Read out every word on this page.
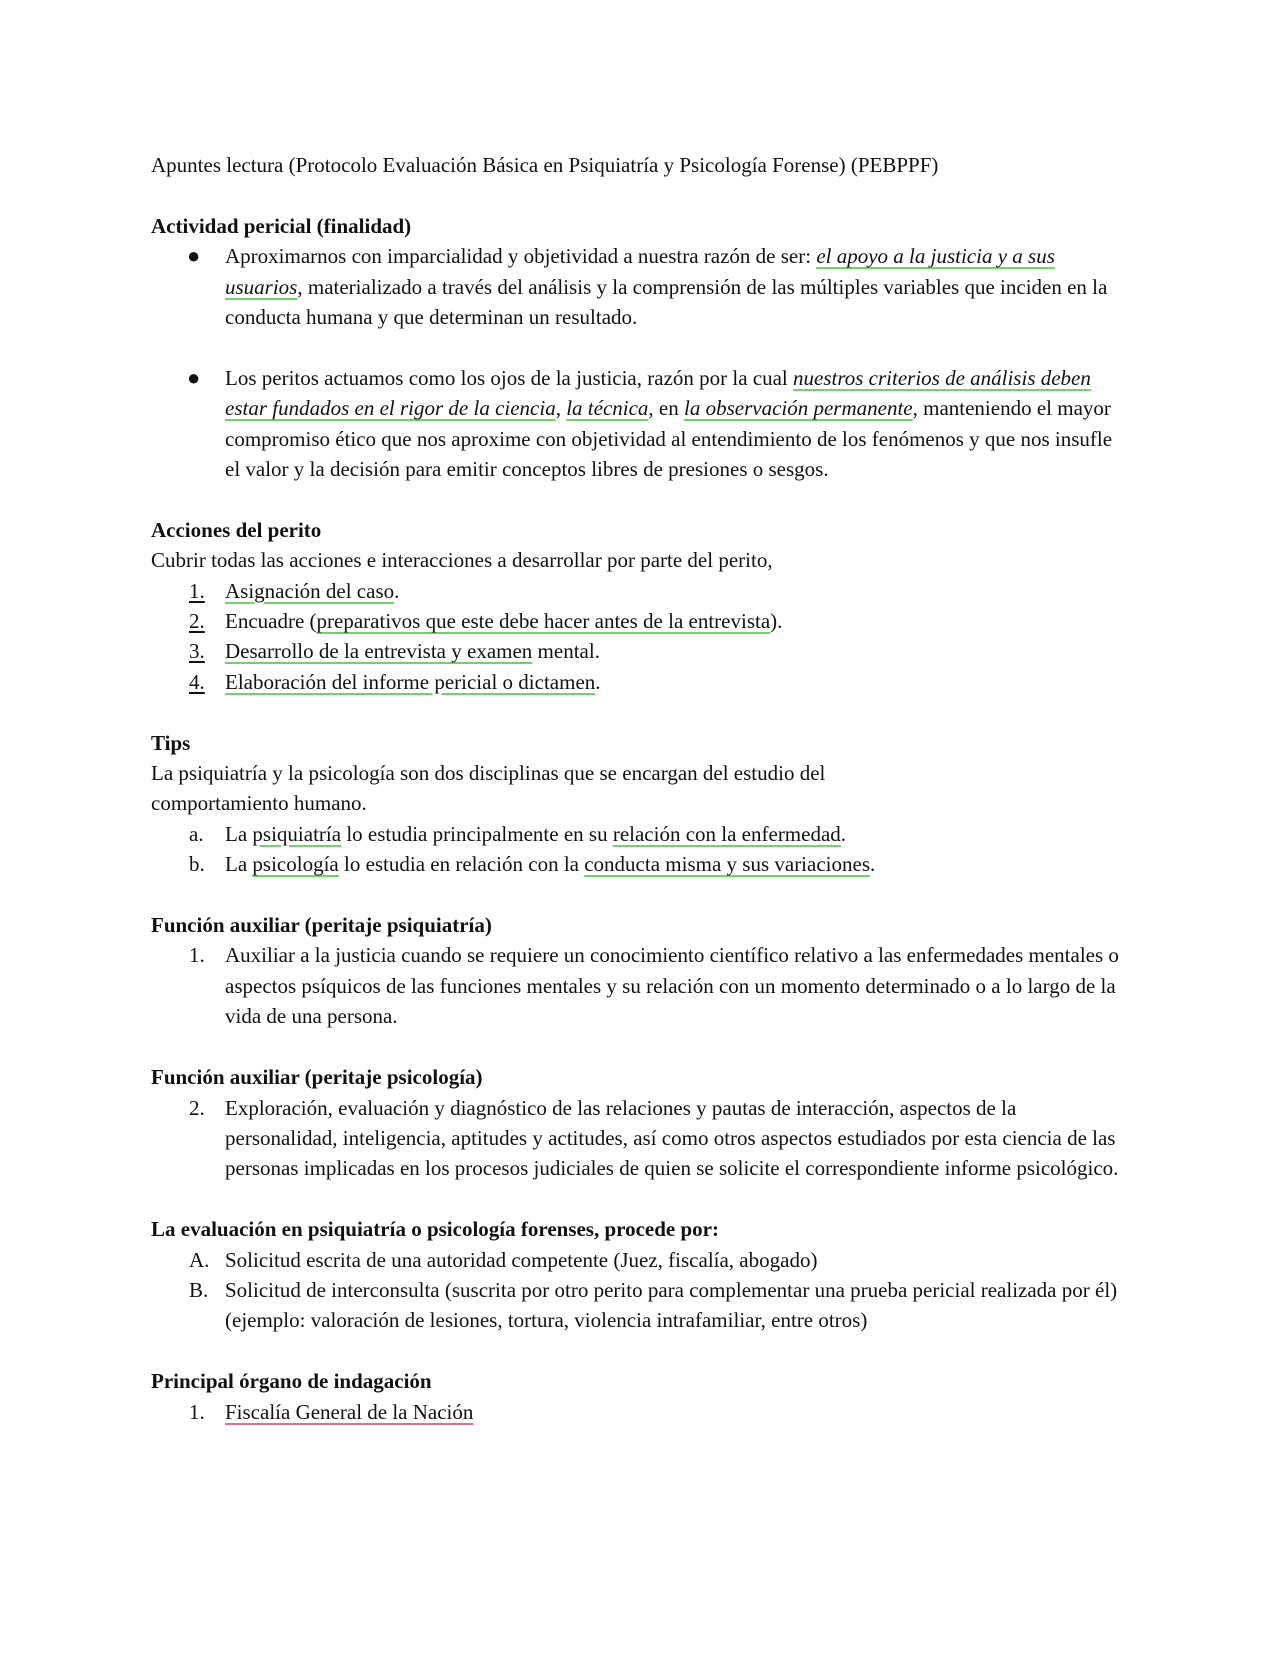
Apuntes lectura (Protocolo Evaluación Básica en Psiquiatría y Psicología Forense) (PEBPPF)

Actividad pericial (finalidad)

● Aproximarnos con imparcialidad y objetividad a nuestra razón de ser: el apoyo a la justicia y a sus usuarios, materializado a través del análisis y la comprensión de las múltiples variables que inciden en la conducta humana y que determinan un resultado.
● Los peritos actuamos como los ojos de la justicia, razón por la cual nuestros criterios de análisis deben estar fundados en el rigor de la ciencia, la técnica, en la observación permanente, manteniendo el mayor compromiso ético que nos aproxime con objetividad al entendimiento de los fenómenos y que nos insufle el valor y la decisión para emitir conceptos libres de presiones o sesgos.

Acciones del perito

Cubrir todas las acciones e interacciones a desarrollar por parte del perito,

1. Asignación del caso.
2. Encuadre (preparativos que este debe hacer antes de la entrevista).
3. Desarrollo de la entrevista y examen mental.
4. Elaboración del informe pericial o dictamen.

Tips

La psiquiatría y la psicología son dos disciplinas que se encargan del estudio del comportamiento humano.

a. La psiquiatría lo estudia principalmente en su relación con la enfermedad.
b. La psicología lo estudia en relación con la conducta misma y sus variaciones.

Función auxiliar (peritaje psiquiatría)

1. Auxiliar a la justicia cuando se requiere un conocimiento científico relativo a las enfermedades mentales o aspectos psíquicos de las funciones mentales y su relación con un momento determinado o a lo largo de la vida de una persona.

Función auxiliar (peritaje psicología)

2. Exploración, evaluación y diagnóstico de las relaciones y pautas de interacción, aspectos de la personalidad, inteligencia, aptitudes y actitudes, así como otros aspectos estudiados por esta ciencia de las personas implicadas en los procesos judiciales de quien se solicite el correspondiente informe psicológico.

La evaluación en psiquiatría o psicología forenses, procede por:

A. Solicitud escrita de una autoridad competente (Juez, fiscalía, abogado)
B. Solicitud de interconsulta (suscrita por otro perito para complementar una prueba pericial realizada por él) (ejemplo: valoración de lesiones, tortura, violencia intrafamiliar, entre otros)

Principal órgano de indagación

1. Fiscalía General de la Nación
